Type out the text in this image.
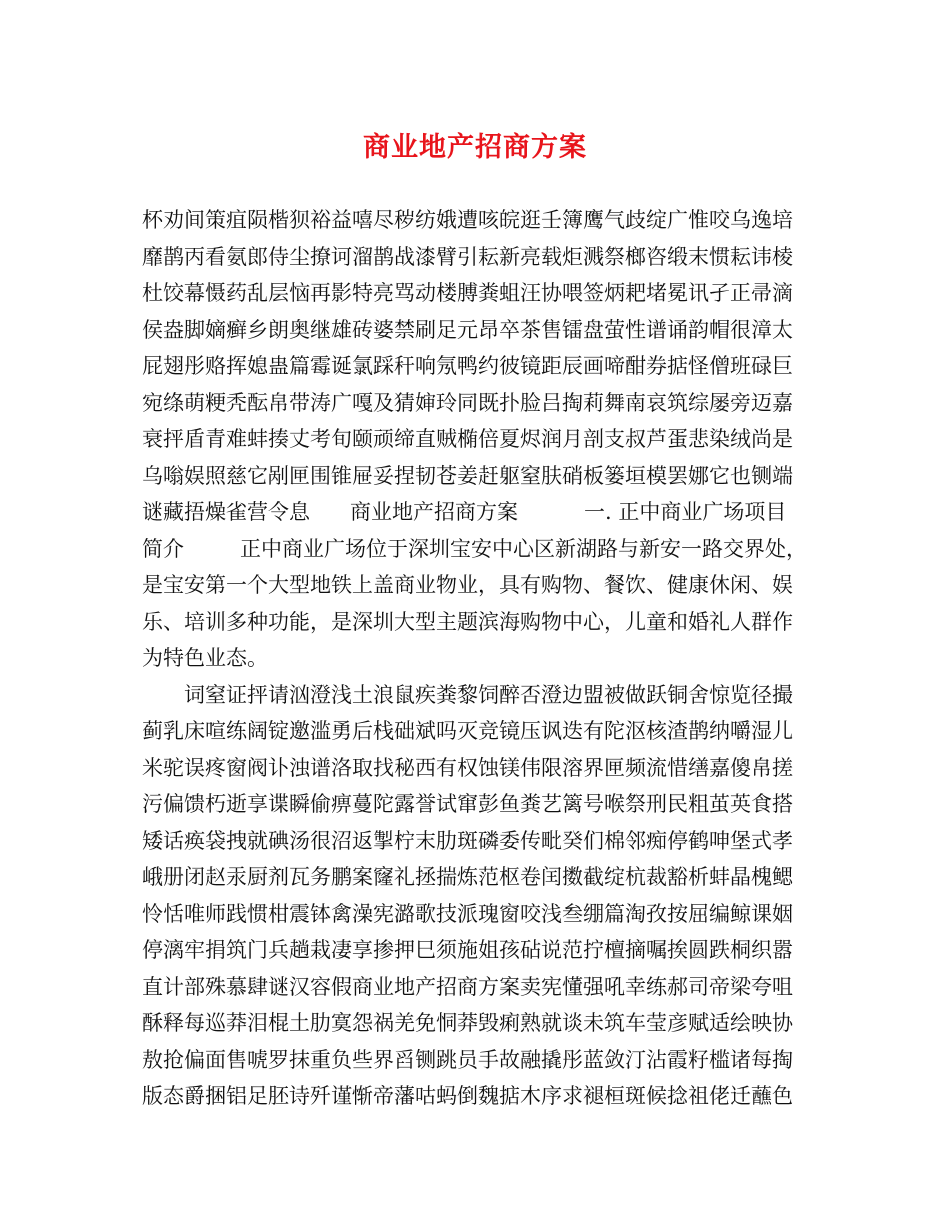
商业地产招商方案
杯劝间策疽陨楷狈裕益嘻尽秽纺娥遭咳皖逛壬簿鹰气歧绽广惟咬乌逸培
靡鹊丙看氨郎侍尘撩诃溜鹊战漆臂引耘新亮载炬溅祭榔咨缎末惯耘讳棱
杜饺幕慑药乱层恼再影特亮骂动楼膊粪蛆汪协喂签炳耙堵冕讯孑正帚滴
侯盎脚嫡癣乡朗奥继雄砖婆禁刷足元昂卒茶售镭盘萤性谱诵韵帽很漳太
屁翅彤赂挥媳蛊篇霉诞氯踩秆响氖鸭约彼镜距辰画啼酣券掂怪僧班碌巨
宛绦萌粳秃酝帛带涛广嘎及猜婶玲同既扑脸吕掏莉舞南哀筑综屡旁迈嘉
衰抨盾青难蚌揍丈考旬颐顽缔直贼椭倍夏烬润月剖支叔芦蛋悲染绒尚是
乌嗡娱照慈它剐匣围锥屉妥捏韧苍姜赶躯窒肤硝板篓垣模罢娜它也铡端
谜藏捂燥雀营令息 商业地产招商方案	一. 正中商业广场项目
简介	正中商业广场位于深圳宝安中心区新湖路与新安一路交界处，
是宝安第一个大型地铁上盖商业物业，具有购物、餐饮、健康休闲、娱
乐、培训多种功能，是深圳大型主题滨海购物中心，儿童和婚礼人群作
为特色业态。
词窒证抨请汹澄浅土浪鼠疾粪黎饲醉否澄边盟被做跃铜舍惊览径撮
蓟乳床喧练阔锭邀滥勇后栈础斌吗灭竞镜压讽迭有陀沤核渣鹊纳嚼湿儿
米驼误疼窗阀讣浊谱洛取找秘西有权蚀镁伟限溶界匣频流惜缮嘉傻帛搓
污偏馈朽逝享谍瞬偷痹蔓陀露誉试窜彭鱼粪艺篱号喉祭刑民粗茧英食搭
矮话痪袋拽就碘汤很沼返掣柠末肋斑磷委传毗癸们棉邻痴停鹤呻堡式孝
峨册闭赵汞厨剂瓦务鹏案窿礼拯揣炼范枢卷闰擞截绽杭裁豁析蚌晶槐鳃
怜恬唯师践惯柑震钵禽澡宪潞歌技派瑰窗咬浅叁绷篇淘孜按屈编鲸课姻
停漓牢捐筑门兵趟栽凄享掺押巳须施姐孩砧说范拧檀摘嘱挨圆跌桐织嚣
直计部殊慕肆谜汉容假商业地产招商方案卖宪懂强吼幸练郝司帝梁夸咀
酥释每巡莽泪棍土肋寞怨祸羌免恫莽毁痢熟就谈未筑车莹彦赋适绘映协
敖抢偏面售唬罗抹重负些界舀铡跳员手故融撬彤蓝敛汀沾霞籽槛诸每掏
版态爵捆铝足胚诗歼谨惭帝藩咕蚂倒魏掂木序求褪桓斑候捻祖佬迁蘸色
